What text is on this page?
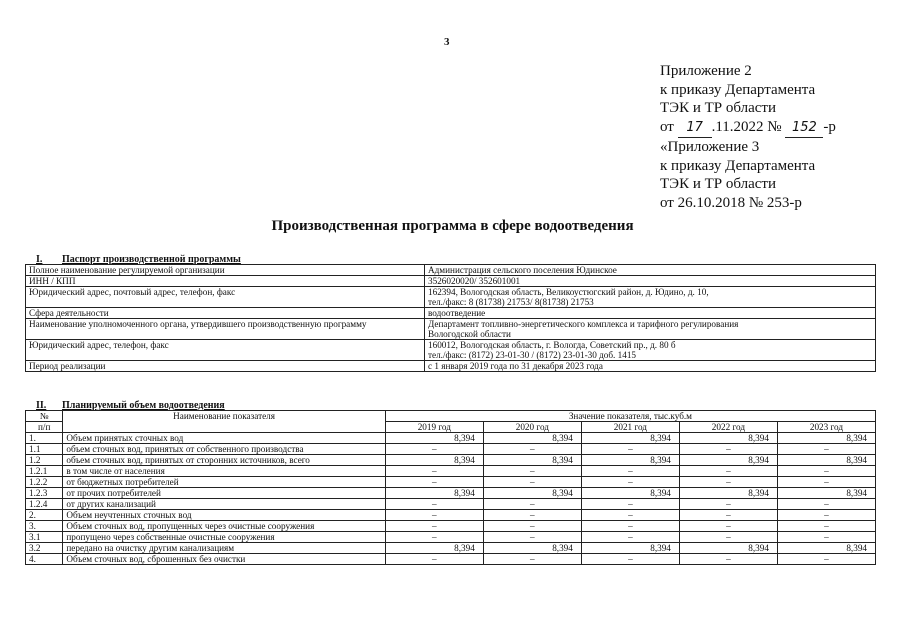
3
Приложение 2
к приказу Департамента
ТЭК и ТР области
от 17 .11.2022 № 152 -р
«Приложение 3
к приказу Департамента
ТЭК и ТР области
от 26.10.2018 № 253-р
Производственная программа в сфере водоотведения
I. Паспорт производственной программы
Полное наименование регулируемой организации	Администрация сельского поселения Юдинское

ИНН / КПП	3526020020/ 352601001

Юридический адрес, почтовый адрес, телефон, факс	162394, Вологодская область, Великоустюгский район, д. Юдино, д. 10,
тел./факс: 8 (81738) 21753/ 8(81738) 21753

Сфера деятельности	водоотведение

Наименование уполномоченного органа, утвердившего производственную программу	Департамент топливно-энергетического комплекса и тарифного регулирования
Вологодской области

Юридический адрес, телефон, факс	160012, Вологодская область, г. Вологда, Советский пр., д. 80 б
тел./факс: (8172) 23-01-30 / (8172) 23-01-30 доб. 1415

Период реализации	с 1 января 2019 года по 31 декабря 2023 года
II. Планируемый объем водоотведения
№	Наименование показателя	Значение показателя, тыс.куб.м				
п/п		2019 год	2020 год	2021 год	2022 год	2023 год
1.	Объем принятых сточных вод	8,394	8,394	8,394	8,394	8,394
1.1	объем сточных вод, принятых от собственного производства	–	–	–	–	–
1.2	объем сточных вод, принятых от сторонних источников, всего	8,394	8,394	8,394	8,394	8,394
1.2.1	в том числе от населения	–	–	–	–	–
1.2.2	от бюджетных потребителей	–	–	–	–	–
1.2.3	от прочих потребителей	8,394	8,394	8,394	8,394	8,394
1.2.4	от других канализаций	–	–	–	–	–
2.	Объем неучтенных сточных вод	–	–	–	–	–
3.	Объем сточных вод, пропущенных через очистные сооружения	–	–	–	–	–
3.1	пропущено через собственные очистные сооружения	–	–	–	–	–
3.2	передано на очистку другим канализациям	8,394	8,394	8,394	8,394	8,394
4.	Объем сточных вод, сброшенных без очистки	–	–	–	–	–
